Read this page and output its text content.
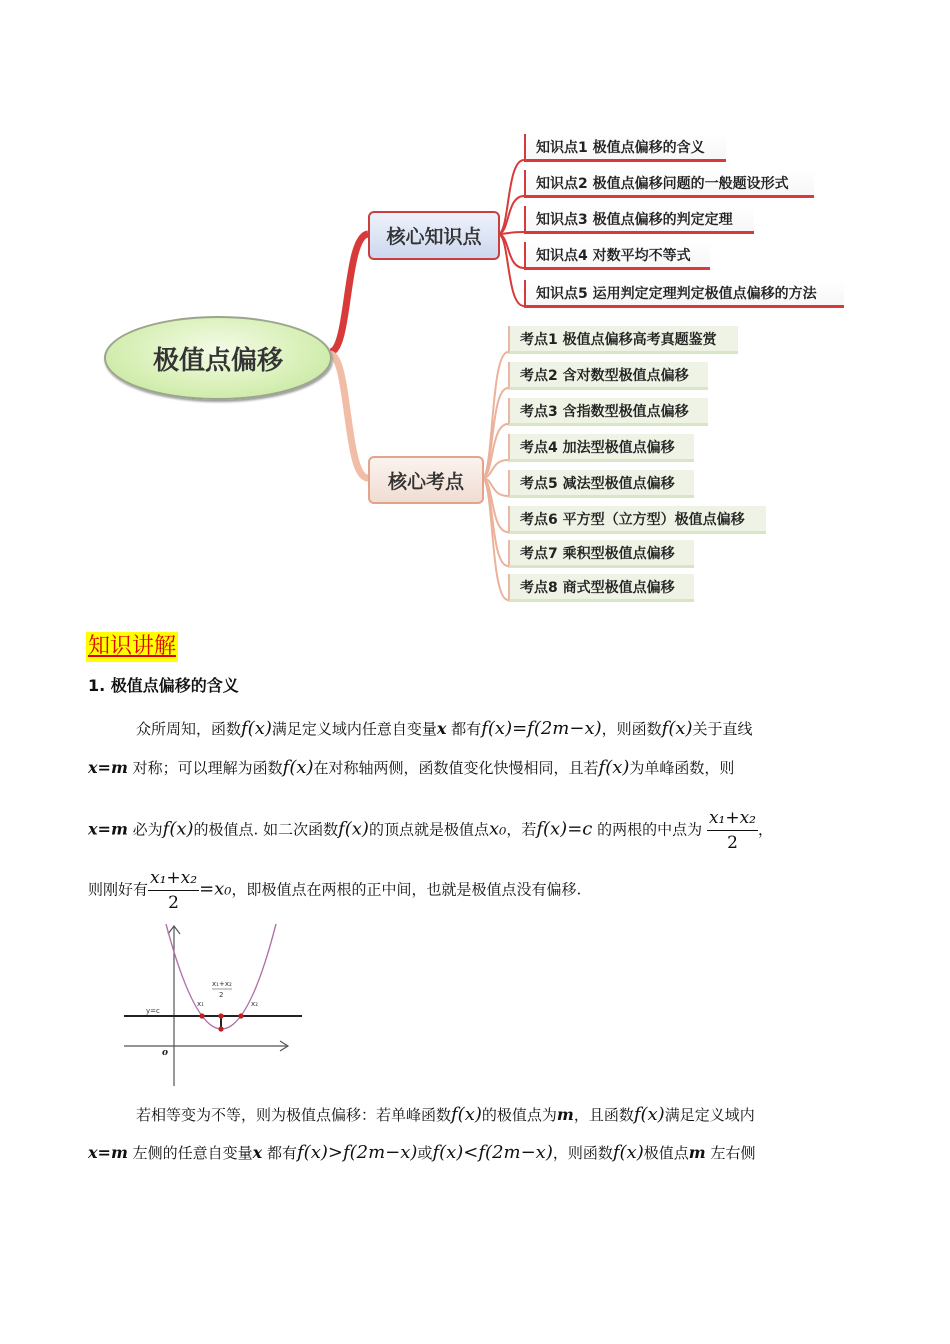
极值点偏移
核心知识点
核心考点
知识点1 极值点偏移的含义
知识点2 极值点偏移问题的一般题设形式
知识点3 极值点偏移的判定定理
知识点4 对数平均不等式
知识点5 运用判定定理判定极值点偏移的方法
考点1 极值点偏移高考真题鉴赏
考点2 含对数型极值点偏移
考点3 含指数型极值点偏移
考点4 加法型极值点偏移
考点5 减法型极值点偏移
考点6 平方型（立方型）极值点偏移
考点7 乘积型极值点偏移
考点8 商式型极值点偏移
知识讲解
1. 极值点偏移的含义
众所周知，函数f(x)满足定义域内任意自变量x 都有f(x)=f(2m−x)，则函数f(x)关于直线
x=m 对称；可以理解为函数f(x)在对称轴两侧，函数值变化快慢相同，且若f(x)为单峰函数，则
x=m 必为f(x)的极值点. 如二次函数f(x)的顶点就是极值点x₀，若f(x)=c 的两根的中点为 $\frac{\text{x₁+x₂}}{2}$ ，
则刚好有 $\frac{\text{x₁+x₂}}{2} =x_0$，即极值点在两根的正中间，也就是极值点没有偏移.
y=c
x₁	x₂
x₁+x₂
2
o
若相等变为不等，则为极值点偏移：若单峰函数f(x)的极值点为m，且函数f(x)满足定义域内
x=m 左侧的任意自变量x 都有f(x)>f(2m−x)或f(x)<f(2m−x)，则函数f(x)极值点m 左右侧
